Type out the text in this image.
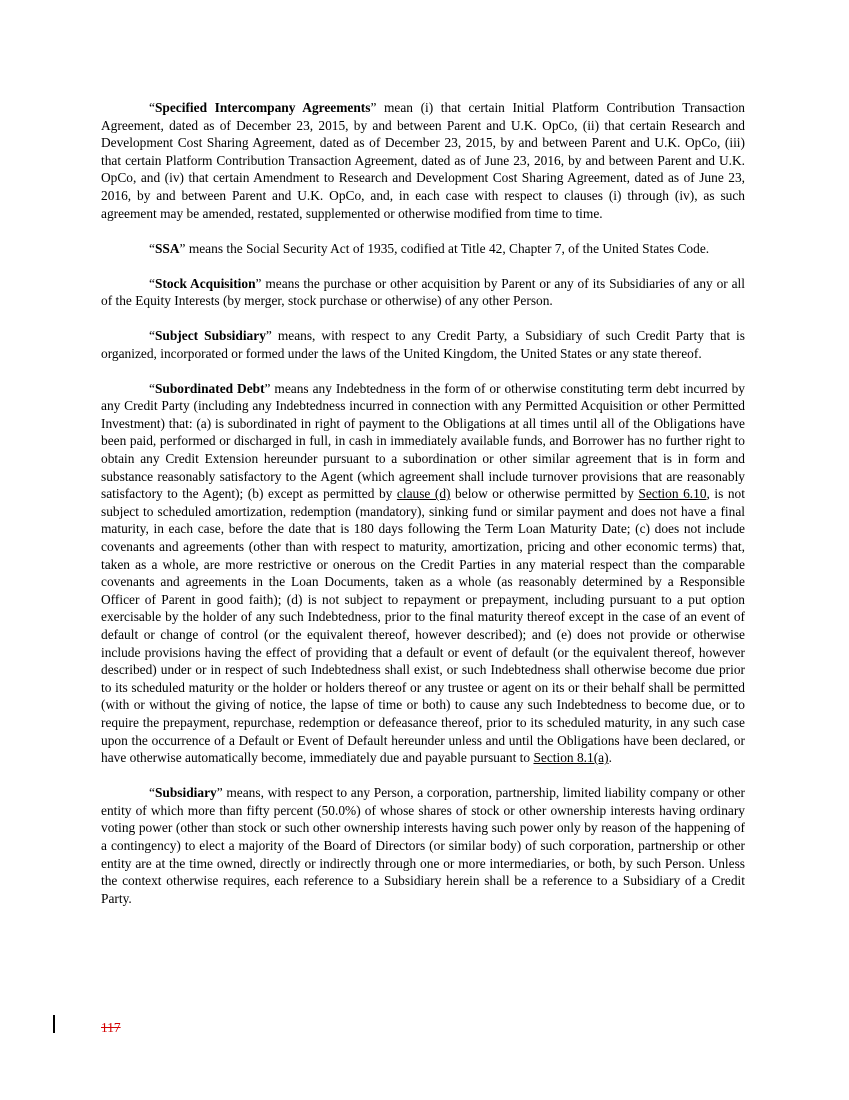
“Specified Intercompany Agreements” mean (i) that certain Initial Platform Contribution Transaction Agreement, dated as of December 23, 2015, by and between Parent and U.K. OpCo, (ii) that certain Research and Development Cost Sharing Agreement, dated as of December 23, 2015, by and between Parent and U.K. OpCo, (iii) that certain Platform Contribution Transaction Agreement, dated as of June 23, 2016, by and between Parent and U.K. OpCo, and (iv) that certain Amendment to Research and Development Cost Sharing Agreement, dated as of June 23, 2016, by and between Parent and U.K. OpCo, and, in each case with respect to clauses (i) through (iv), as such agreement may be amended, restated, supplemented or otherwise modified from time to time.

“SSA” means the Social Security Act of 1935, codified at Title 42, Chapter 7, of the United States Code.

“Stock Acquisition” means the purchase or other acquisition by Parent or any of its Subsidiaries of any or all of the Equity Interests (by merger, stock purchase or otherwise) of any other Person.

“Subject Subsidiary” means, with respect to any Credit Party, a Subsidiary of such Credit Party that is organized, incorporated or formed under the laws of the United Kingdom, the United States or any state thereof.

“Subordinated Debt” means any Indebtedness in the form of or otherwise constituting term debt incurred by any Credit Party (including any Indebtedness incurred in connection with any Permitted Acquisition or other Permitted Investment) that: (a) is subordinated in right of payment to the Obligations at all times until all of the Obligations have been paid, performed or discharged in full, in cash in immediately available funds, and Borrower has no further right to obtain any Credit Extension hereunder pursuant to a subordination or other similar agreement that is in form and substance reasonably satisfactory to the Agent (which agreement shall include turnover provisions that are reasonably satisfactory to the Agent); (b) except as permitted by clause (d) below or otherwise permitted by Section 6.10, is not subject to scheduled amortization, redemption (mandatory), sinking fund or similar payment and does not have a final maturity, in each case, before the date that is 180 days following the Term Loan Maturity Date; (c) does not include covenants and agreements (other than with respect to maturity, amortization, pricing and other economic terms) that, taken as a whole, are more restrictive or onerous on the Credit Parties in any material respect than the comparable covenants and agreements in the Loan Documents, taken as a whole (as reasonably determined by a Responsible Officer of Parent in good faith); (d) is not subject to repayment or prepayment, including pursuant to a put option exercisable by the holder of any such Indebtedness, prior to the final maturity thereof except in the case of an event of default or change of control (or the equivalent thereof, however described); and (e) does not provide or otherwise include provisions having the effect of providing that a default or event of default (or the equivalent thereof, however described) under or in respect of such Indebtedness shall exist, or such Indebtedness shall otherwise become due prior to its scheduled maturity or the holder or holders thereof or any trustee or agent on its or their behalf shall be permitted (with or without the giving of notice, the lapse of time or both) to cause any such Indebtedness to become due, or to require the prepayment, repurchase, redemption or defeasance thereof, prior to its scheduled maturity, in any such case upon the occurrence of a Default or Event of Default hereunder unless and until the Obligations have been declared, or have otherwise automatically become, immediately due and payable pursuant to Section 8.1(a).

“Subsidiary” means, with respect to any Person, a corporation, partnership, limited liability company or other entity of which more than fifty percent (50.0%) of whose shares of stock or other ownership interests having ordinary voting power (other than stock or such other ownership interests having such power only by reason of the happening of a contingency) to elect a majority of the Board of Directors (or similar body) of such corporation, partnership or other entity are at the time owned, directly or indirectly through one or more intermediaries, or both, by such Person. Unless the context otherwise requires, each reference to a Subsidiary herein shall be a reference to a Subsidiary of a Credit Party.

117
